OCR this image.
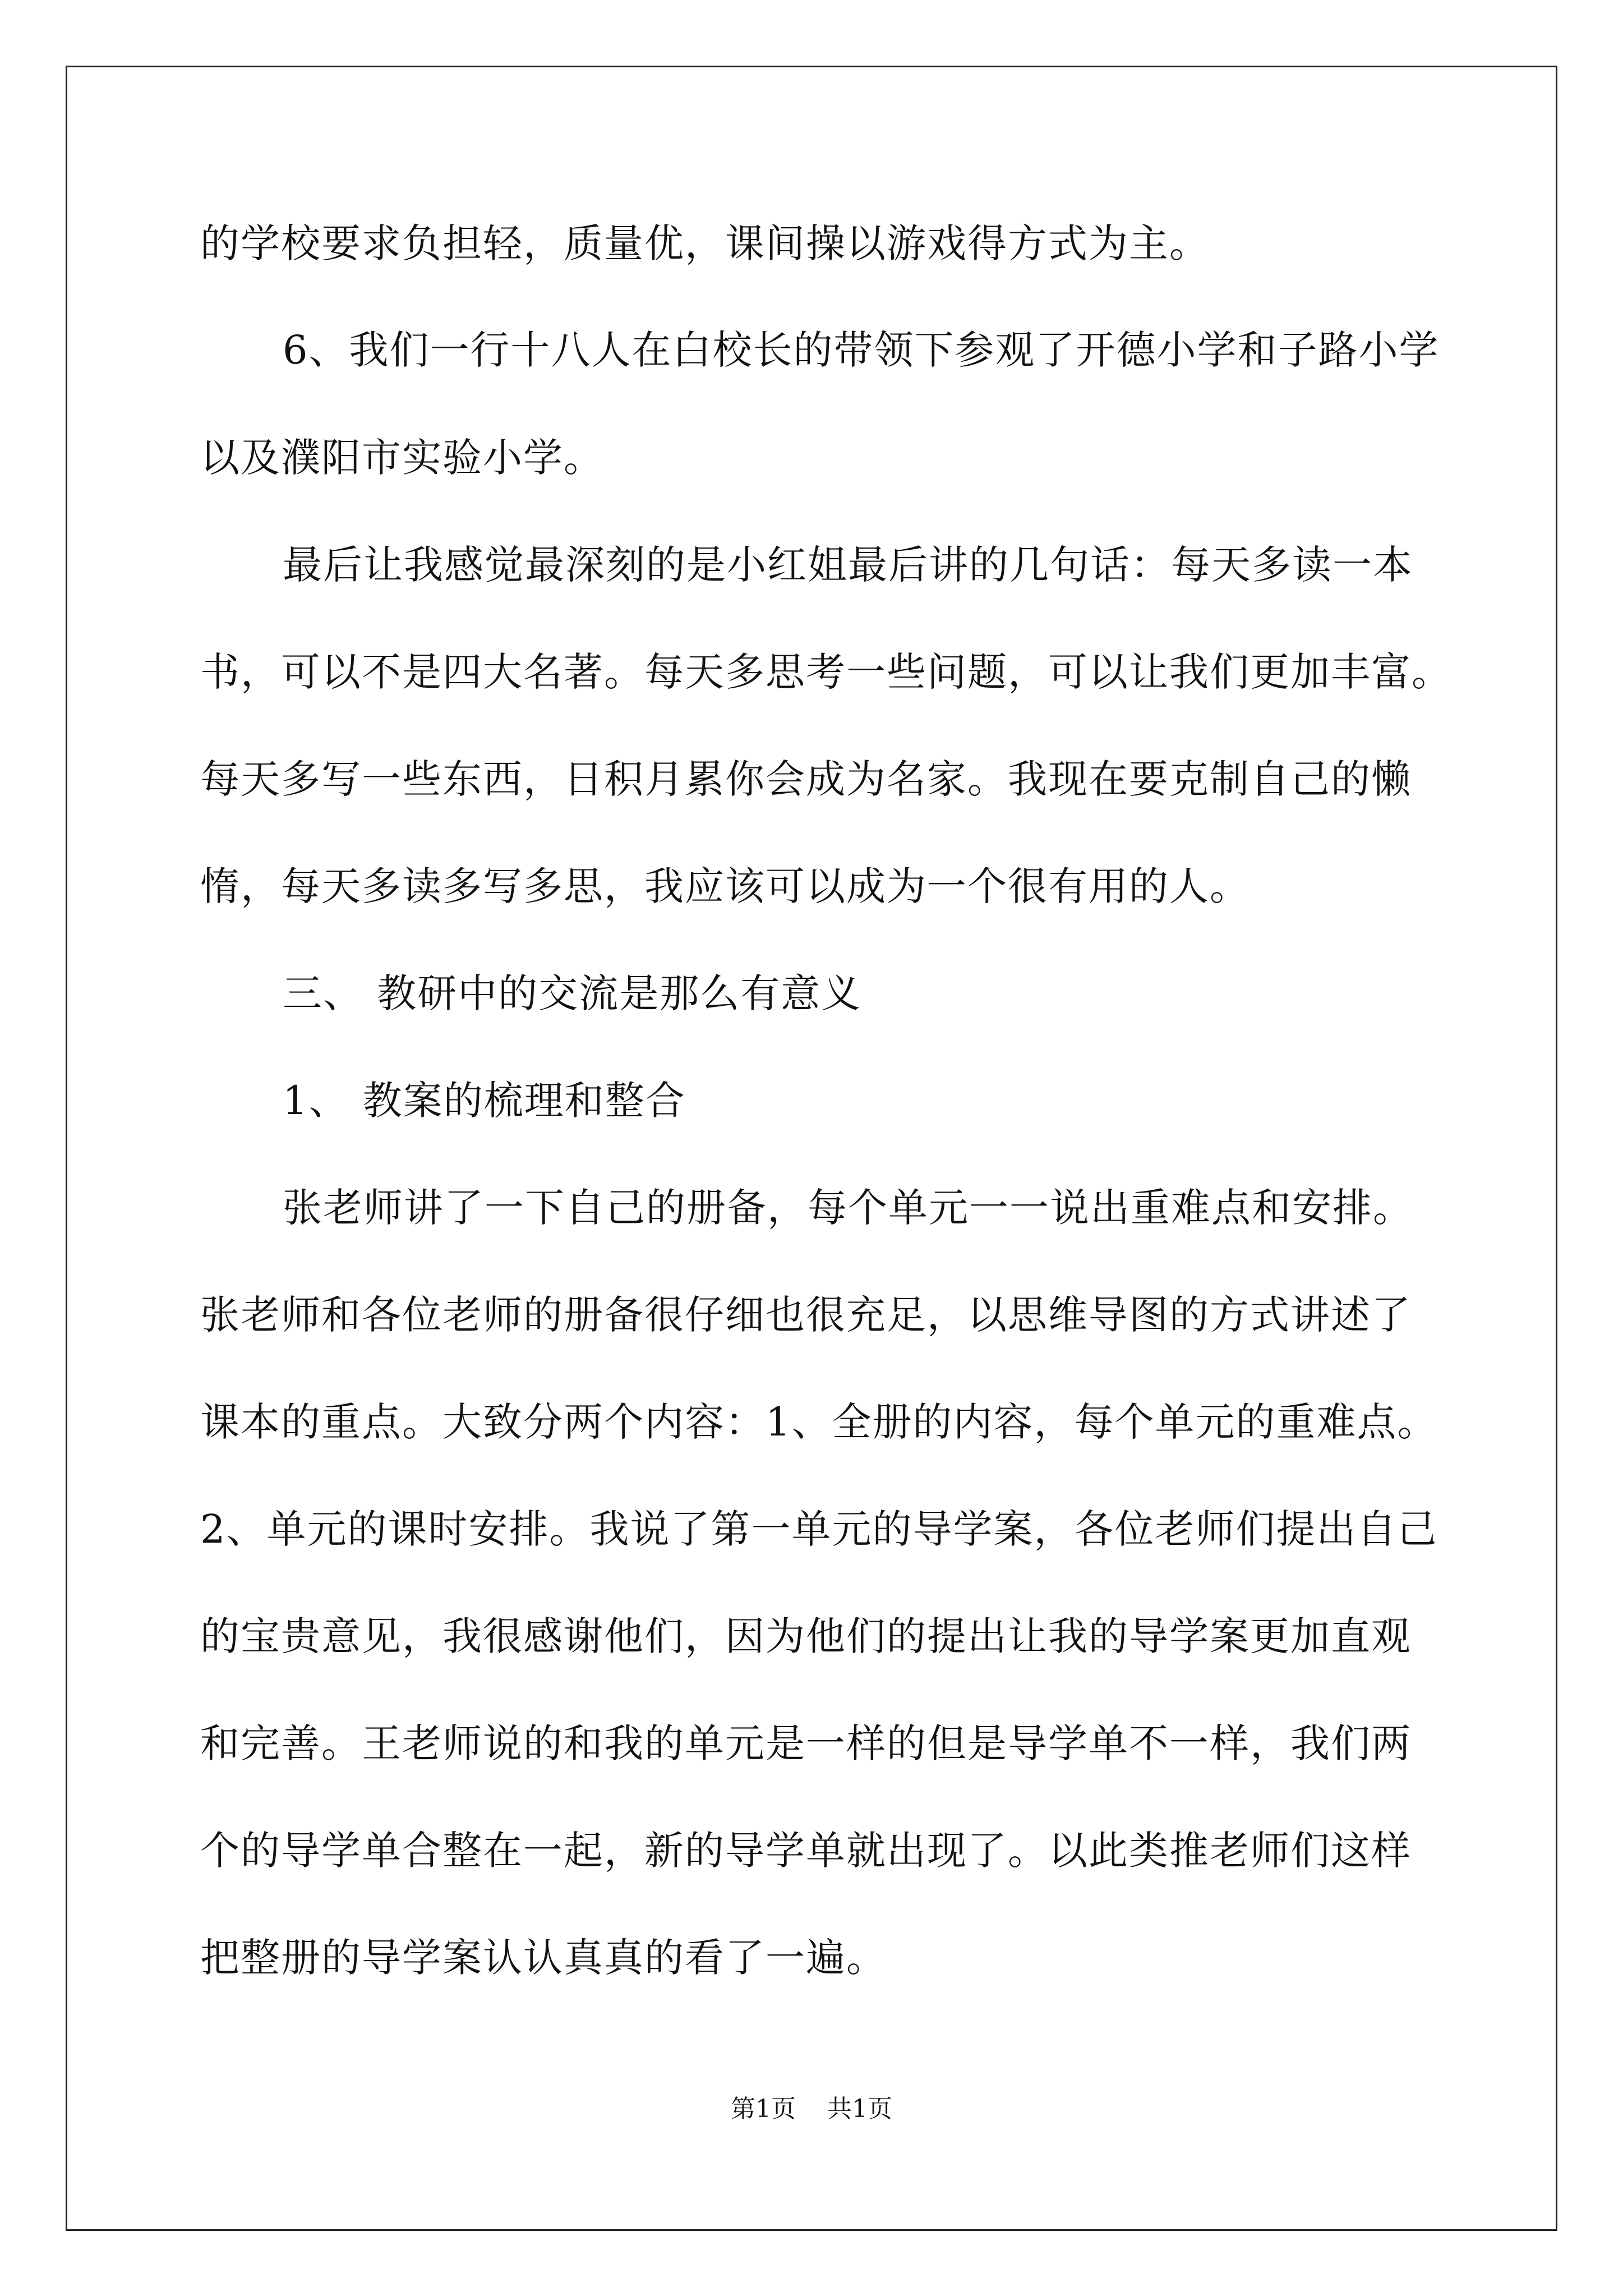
的学校要求负担轻，质量优，课间操以游戏得方式为主。
6、我们一行十八人在白校长的带领下参观了开德小学和子路小学
以及濮阳市实验小学。
最后让我感觉最深刻的是小红姐最后讲的几句话：每天多读一本
书，可以不是四大名著。每天多思考一些问题，可以让我们更加丰富。
每天多写一些东西，日积月累你会成为名家。我现在要克制自己的懒
惰，每天多读多写多思，我应该可以成为一个很有用的人。
三、 教研中的交流是那么有意义
1、 教案的梳理和整合
张老师讲了一下自己的册备，每个单元一一说出重难点和安排。
张老师和各位老师的册备很仔细也很充足，以思维导图的方式讲述了
课本的重点。大致分两个内容：1、全册的内容，每个单元的重难点。
2、单元的课时安排。我说了第一单元的导学案，各位老师们提出自己
的宝贵意见，我很感谢他们，因为他们的提出让我的导学案更加直观
和完善。王老师说的和我的单元是一样的但是导学单不一样，我们两
个的导学单合整在一起，新的导学单就出现了。以此类推老师们这样
把整册的导学案认认真真的看了一遍。
第1页 共1页
